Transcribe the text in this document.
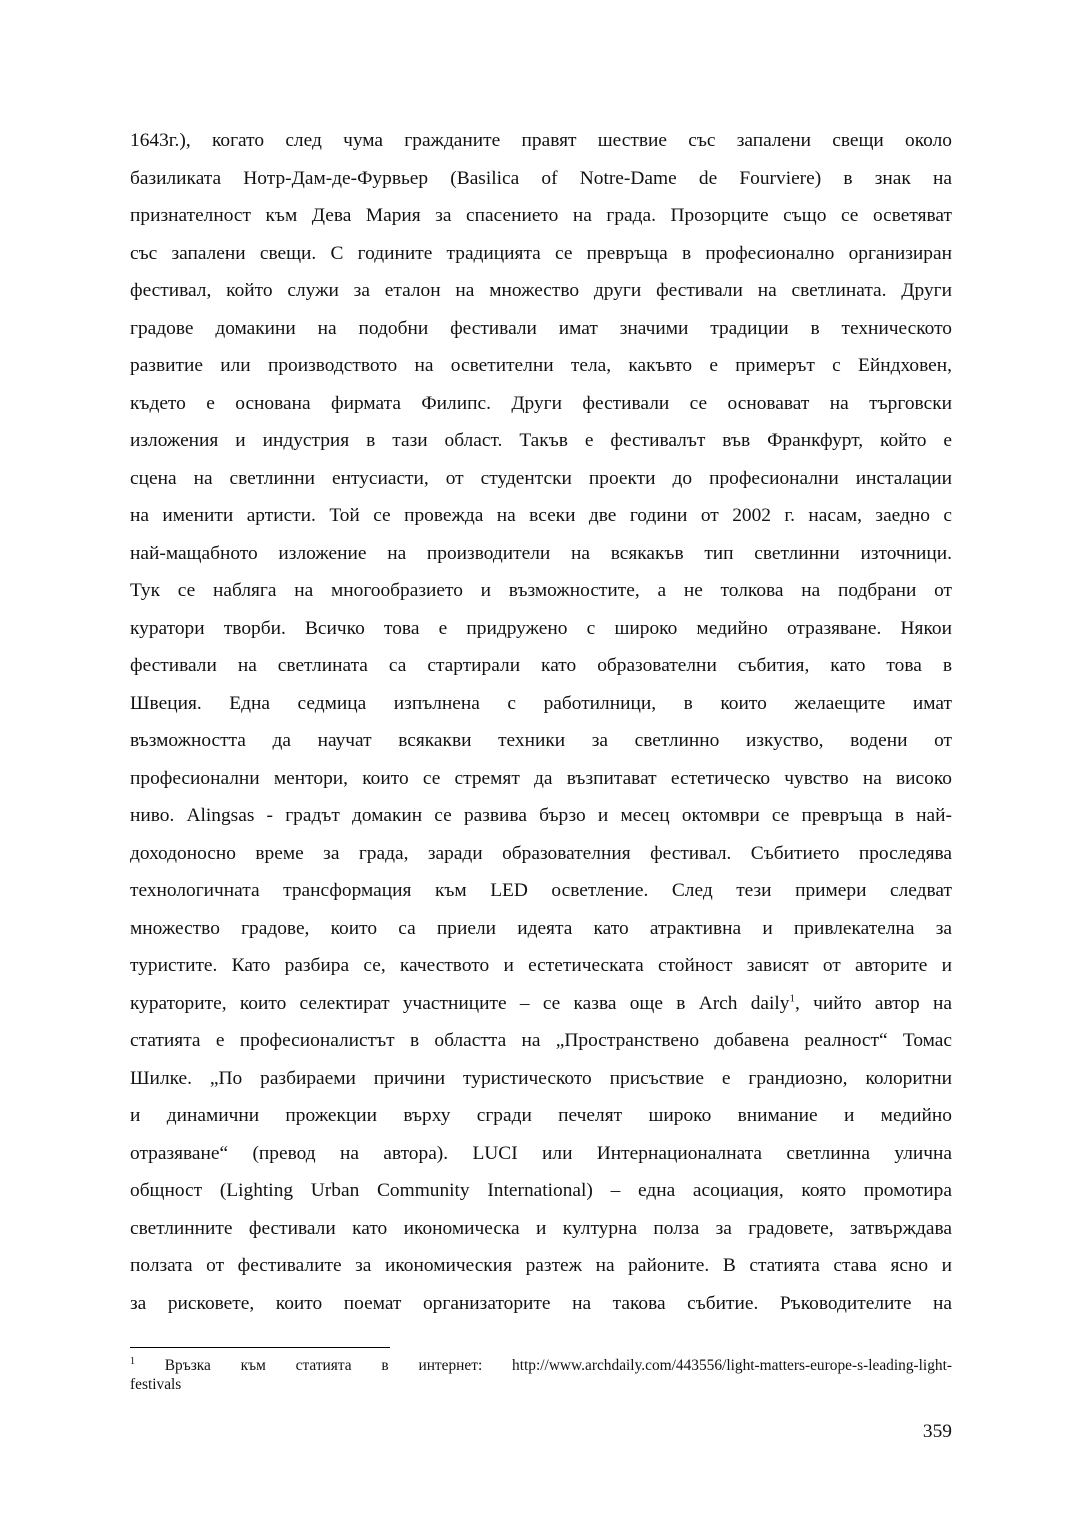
1643г.), когато след чума гражданите правят шествие със запалени свещи около
базиликата Нотр-Дам-де-Фурвьер (Basilica of Notre-Dame de Fourviere) в знак на
признателност към Дева Мария за спасението на града. Прозорците също се осветяват
със запалени свещи. С годините традицията се превръща в професионално организиран
фестивал, който служи за еталон на множество други фестивали на светлината. Други
градове домакини на подобни фестивали имат значими традиции в техническото
развитие или производството на осветителни тела, какъвто е примерът с Ейндховен,
където е основана фирмата Филипс. Други фестивали се основават на търговски
изложения и индустрия в тази област. Такъв е фестивалът във Франкфурт, който е
сцена на светлинни ентусиасти, от студентски проекти до професионални инсталации
на именити артисти. Той се провежда на всеки две години от 2002 г. насам, заедно с
най-мащабното изложение на производители на всякакъв тип светлинни източници.
Тук се набляга на многообразието и възможностите, а не толкова на подбрани от
куратори творби. Всичко това е придружено с широко медийно отразяване. Някои
фестивали на светлината са стартирали като образователни събития, като това в
Швеция. Една седмица изпълнена с работилници, в които желаещите имат
възможността да научат всякакви техники за светлинно изкуство, водени от
професионални ментори, които се стремят да възпитават естетическо чувство на високо
ниво. Alingsas - градът домакин се развива бързо и месец октомври се превръща в най-
доходоносно време за града, заради образователния фестивал. Събитието проследява
технологичната трансформация към LED осветление. След тези примери следват
множество градове, които са приели идеята като атрактивна и привлекателна за
туристите. Като разбира се, качеството и естетическата стойност зависят от авторите и
кураторите, които селектират участниците – се казва още в Arch daily$^1$, чийто автор на
статията е професионалистът в областта на „Пространствено добавена реалност“ Томас
Шилке. „По разбираеми причини туристическото присъствие е грандиозно, колоритни
и динамични прожекции върху сгради печелят широко внимание и медийно
отразяване“ (превод на автора). LUCI или Интернационалната светлинна улична
общност (Lighting Urban Community International) – една асоциация, която промотира
светлинните фестивали като икономическа и културна полза за градовете, затвърждава
ползата от фестивалите за икономическия разтеж на районите. В статията става ясно и
за рисковете, които поемат организаторите на такова събитие. Ръководителите на
$^1$ Връзка към статията в интернет: http://www.archdaily.com/443556/light-matters-europe-s-leading-light-
festivals
359
